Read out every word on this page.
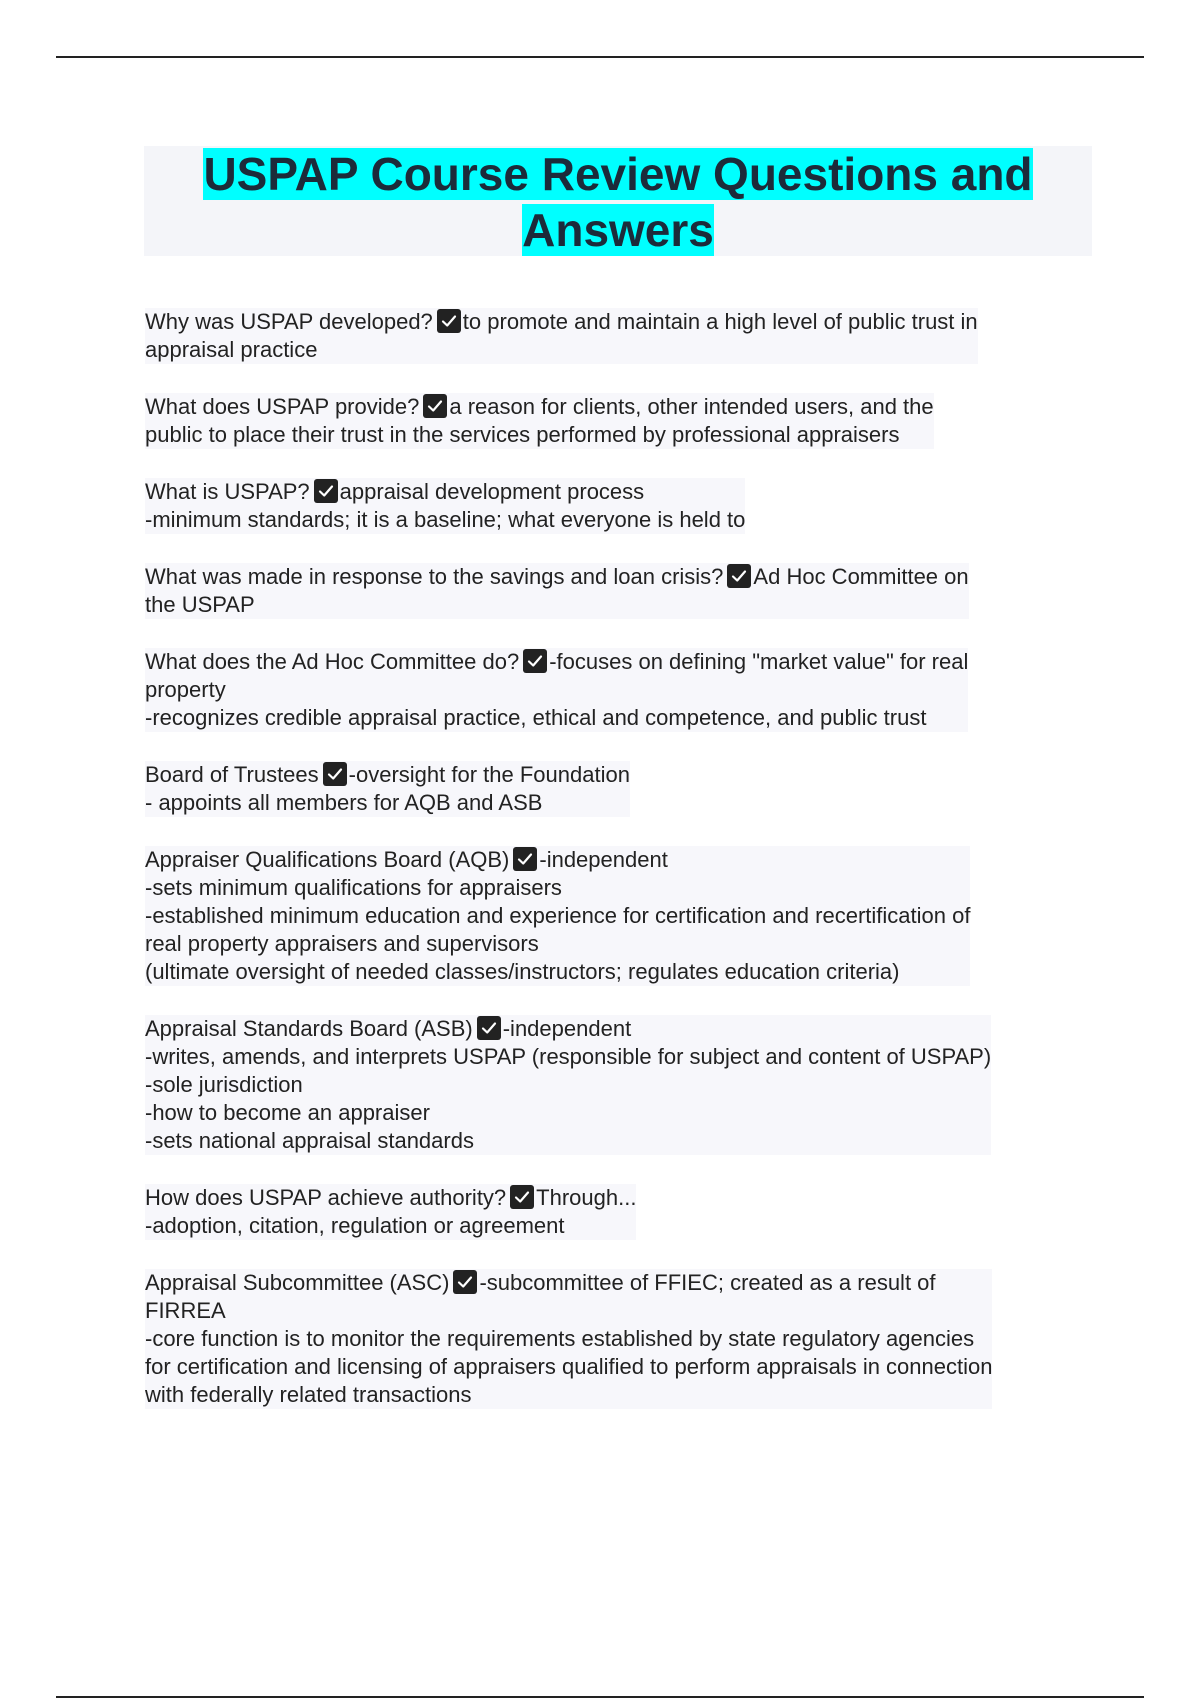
USPAP Course Review Questions and
Answers
Why was USPAP developed? to promote and maintain a high level of public trust in
appraisal practice
What does USPAP provide? a reason for clients, other intended users, and the
public to place their trust in the services performed by professional appraisers
What is USPAP? appraisal development process
-minimum standards; it is a baseline; what everyone is held to
What was made in response to the savings and loan crisis? Ad Hoc Committee on
the USPAP
What does the Ad Hoc Committee do? -focuses on defining "market value" for real
property
-recognizes credible appraisal practice, ethical and competence, and public trust
Board of Trustees -oversight for the Foundation
- appoints all members for AQB and ASB
Appraiser Qualifications Board (AQB) -independent
-sets minimum qualifications for appraisers
-established minimum education and experience for certification and recertification of
real property appraisers and supervisors
(ultimate oversight of needed classes/instructors; regulates education criteria)
Appraisal Standards Board (ASB) -independent
-writes, amends, and interprets USPAP (responsible for subject and content of USPAP)
-sole jurisdiction
-how to become an appraiser
-sets national appraisal standards
How does USPAP achieve authority? Through...
-adoption, citation, regulation or agreement
Appraisal Subcommittee (ASC) -subcommittee of FFIEC; created as a result of
FIRREA
-core function is to monitor the requirements established by state regulatory agencies
for certification and licensing of appraisers qualified to perform appraisals in connection
with federally related transactions
